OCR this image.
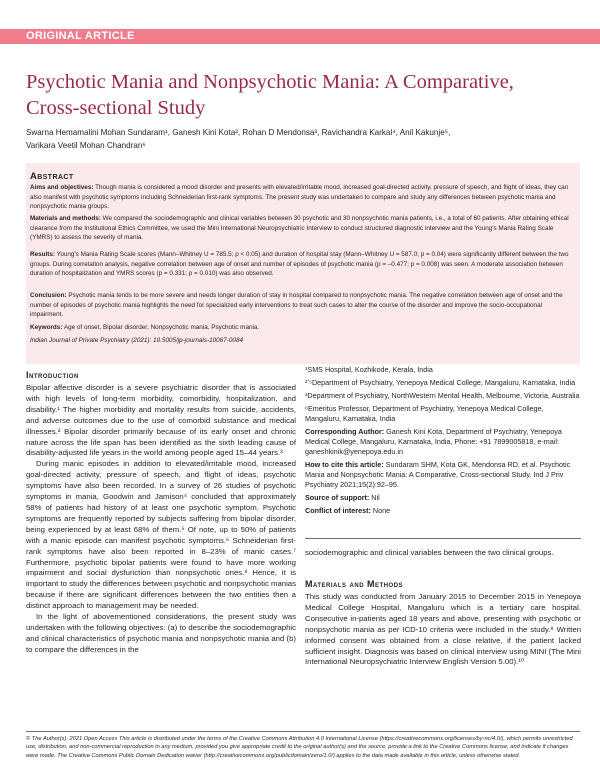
ORIGINAL ARTICLE
Psychotic Mania and Nonpsychotic Mania: A Comparative,
Cross-sectional Study
Swarna Hemamalini Mohan Sundaram¹, Ganesh Kini Kota², Rohan D Mendonsa³, Ravichandra Karkal⁴, Anil Kakunje⁵,
Varikara Veetil Mohan Chandran⁶
Abstract
Aims and objectives: Though mania is considered a mood disorder and presents with elevated/irritable mood, increased goal-directed activity, pressure of speech, and flight of ideas, they can also manifest with psychotic symptoms including Schneiderian first-rank symptoms. The present study was undertaken to compare and study any differences between psychotic mania and nonpsychotic mania groups.
Materials and methods: We compared the sociodemographic and clinical variables between 30 psychotic and 30 nonpsychotic mania patients, i.e., a total of 60 patients. After obtaining ethical clearance from the Institutional Ethics Committee, we used the Mini International Neuropsychiatric Interview to conduct structured diagnostic interview and the Young's Mania Rating Scale (YMRS) to assess the severity of mania.
Results: Young's Mania Rating Scale scores (Mann–Whitney U = 785.5; p < 0.05) and duration of hospital stay (Mann–Whitney U = 587.0; p = 0.04) were significantly different between the two groups. During correlation analysis, negative correlation between age of onset and number of episodes of psychotic mania (p = –0.477; p = 0.008) was seen. A moderate association between duration of hospitalization and YMRS scores (p = 0.331; p = 0.010) was also observed.
Conclusion: Psychotic mania tends to be more severe and needs longer duration of stay in hospital compared to nonpsychotic mania. The negative correlation between age of onset and the number of episodes of psychotic mania highlights the need for specialized early interventions to treat such cases to alter the course of the disorder and improve the socio-occupational impairment.
Keywords: Age of onset, Bipolar disorder, Nonpsychotic mania, Psychotic mania.
Indian Journal of Private Psychiatry (2021): 10.5005/jp-journals-10067-0084
Introduction

Bipolar affective disorder is a severe psychiatric disorder that is associated with high levels of long-term morbidity, comorbidity, hospitalization, and disability.¹ The higher morbidity and mortality results from suicide, accidents, and adverse outcomes due to the use of comorbid substance and medical illnesses.² Bipolar disorder primarily because of its early onset and chronic nature across the life span has been identified as the sixth leading cause of disability-adjusted life years in the world among people aged 15–44 years.³

During manic episodes in addition to elevated/irritable mood, increased goal-directed activity, pressure of speech, and flight of ideas, psychotic symptoms have also been recorded. In a survey of 26 studies of psychotic symptoms in mania, Goodwin and Jamison⁴ concluded that approximately 58% of patients had history of at least one psychotic symptom. Psychotic symptoms are frequently reported by subjects suffering from bipolar disorder, being experienced by at least 68% of them.⁵ Of note, up to 50% of patients with a manic episode can manifest psychotic symptoms.⁶ Schneiderian first-rank symptoms have also been reported in 8–23% of manic cases.⁷ Furthermore, psychotic bipolar patients were found to have more working impairment and social dysfunction than nonpsychotic ones.⁸ Hence, it is important to study the differences between psychotic and nonpsychotic manias because if there are significant differences between the two entities then a distinct approach to management may be needed.

In the light of abovementioned considerations, the present study was undertaken with the following objectives: (a) to describe the sociodemographic and clinical characteristics of psychotic mania and nonpsychotic mania and (b) to compare the differences in the

¹SMS Hospital, Kozhikode, Kerala, India
²ʼ⁵Department of Psychiatry, Yenepoya Medical College, Mangaluru, Karnataka, India
³Department of Psychiatry, NorthWestern Mental Health, Melbourne, Victoria, Australia
⁶Emeritus Professor, Department of Psychiatry, Yenepoya Medical College, Mangaluru, Karnataka, India
Corresponding Author: Ganesh Kini Kota, Department of Psychiatry, Yenepoya Medical College, Mangaluru, Karnataka, India, Phone: +91 7899005818, e-mail: ganeshkinik@yenepoya.edu.in
How to cite this article: Sundaram SHM, Kota GK, Mendonsa RD, et al. Psychotic Mania and Nonpsychotic Mania: A Comparative, Cross-sectional Study. Ind J Priv Psychiatry 2021;15(2):92–95.
Source of support: Nil
Conflict of interest: None
sociodemographic and clinical variables between the two clinical groups.
Materials and Methods

This study was conducted from January 2015 to December 2015 in Yenepoya Medical College Hospital, Mangaluru which is a tertiary care hospital. Consecutive in-patients aged 18 years and above, presenting with psychotic or nonpsychotic mania as per ICD-10 criteria were included in the study.⁹ Written informed consent was obtained from a close relative, if the patient lacked sufficient insight. Diagnosis was based on clinical interview using MINI (The Mini International Neuropsychiatric Interview English Version 5.00).¹⁰

© The Author(s). 2021 Open Access This article is distributed under the terms of the Creative Commons Attribution 4.0 International License (https://creativecommons.org/licenses/by-nc/4.0/), which permits unrestricted use, distribution, and non-commercial reproduction in any medium, provided you give appropriate credit to the original author(s) and the source, provide a link to the Creative Commons license, and indicate if changes were made. The Creative Commons Public Domain Dedication waiver (http://creativecommons.org/publicdomain/zero/1.0/) applies to the data made available in this article, unless otherwise stated.
